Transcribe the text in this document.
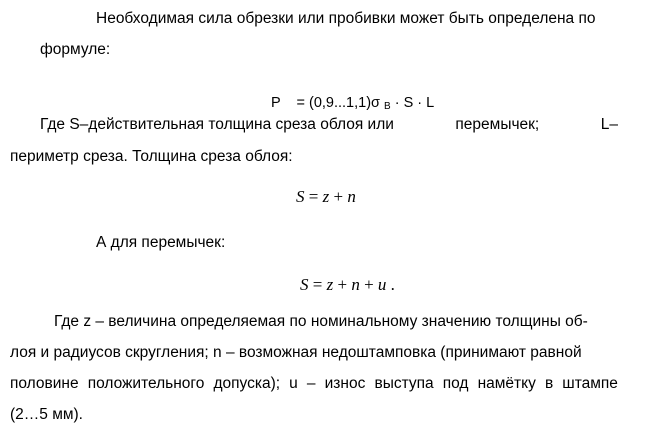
Необходимая сила обрезки или пробивки может быть определена по
формуле:
P = (0,9...1,1)σ B · S · L
Где S–действительная толщина среза облоя или	перемычек;	L–
периметр среза. Толщина среза облоя:
S = z + n
А для перемычек:
S = z + n + u .
Где z – величина определяемая по номинальному значению толщины об-
лоя и радиусов скругления; n – возможная недоштамповка (принимают равной
половине положительного допуска); u – износ выступа под намётку в штампе
(2…5 мм).
